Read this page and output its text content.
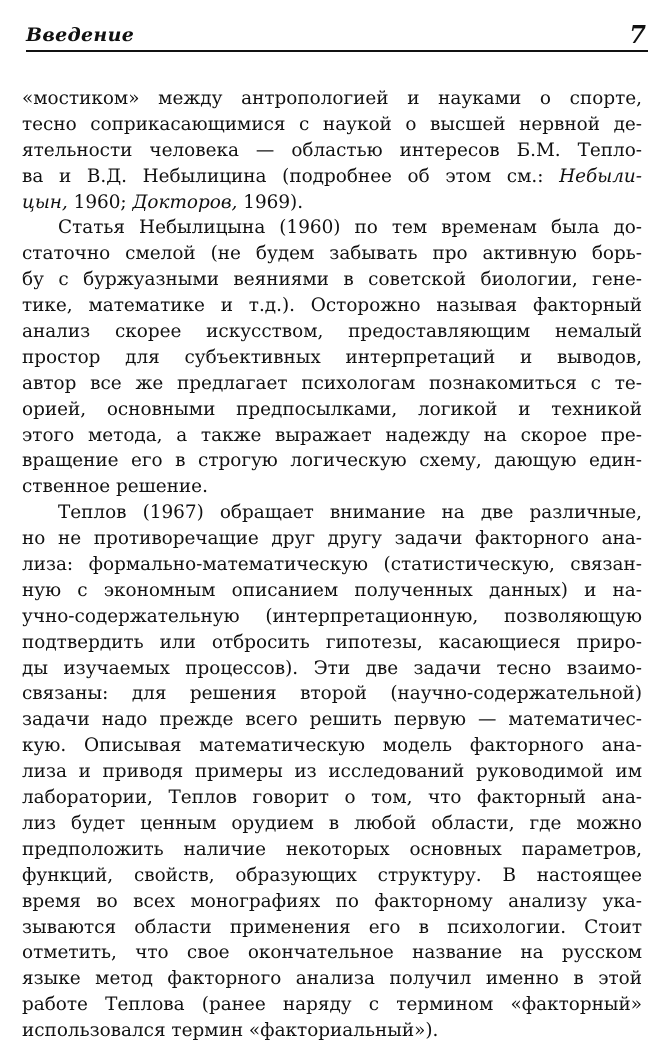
Введение	7
«мостиком» между антропологией и науками о спорте,
тесно соприкасающимися с наукой о высшей нервной де-
ятельности человека — областью интересов Б.М. Тепло-
ва и В.Д. Небылицина (подробнее об этом см.: Небыли-
цын, 1960; Докторов, 1969).
Статья Небылицына (1960) по тем временам была до-
статочно смелой (не будем забывать про активную борь-
бу с буржуазными веяниями в советской биологии, гене-
тике, математике и т.д.). Осторожно называя факторный
анализ скорее искусством, предоставляющим немалый
простор для субъективных интерпретаций и выводов,
автор все же предлагает психологам познакомиться с те-
орией, основными предпосылками, логикой и техникой
этого метода, а также выражает надежду на скорое пре-
вращение его в строгую логическую схему, дающую един-
ственное решение.
Теплов (1967) обращает внимание на две различные,
но не противоречащие друг другу задачи факторного ана-
лиза: формально-математическую (статистическую, связан-
ную с экономным описанием полученных данных) и на-
учно-содержательную (интерпретационную, позволяющую
подтвердить или отбросить гипотезы, касающиеся приро-
ды изучаемых процессов). Эти две задачи тесно взаимо-
связаны: для решения второй (научно-содержательной)
задачи надо прежде всего решить первую — математичес-
кую. Описывая математическую модель факторного ана-
лиза и приводя примеры из исследований руководимой им
лаборатории, Теплов говорит о том, что факторный ана-
лиз будет ценным орудием в любой области, где можно
предположить наличие некоторых основных параметров,
функций, свойств, образующих структуру. В настоящее
время во всех монографиях по факторному анализу ука-
зываются области применения его в психологии. Стоит
отметить, что свое окончательное название на русском
языке метод факторного анализа получил именно в этой
работе Теплова (ранее наряду с термином «факторный»
использовался термин «факториальный»).
